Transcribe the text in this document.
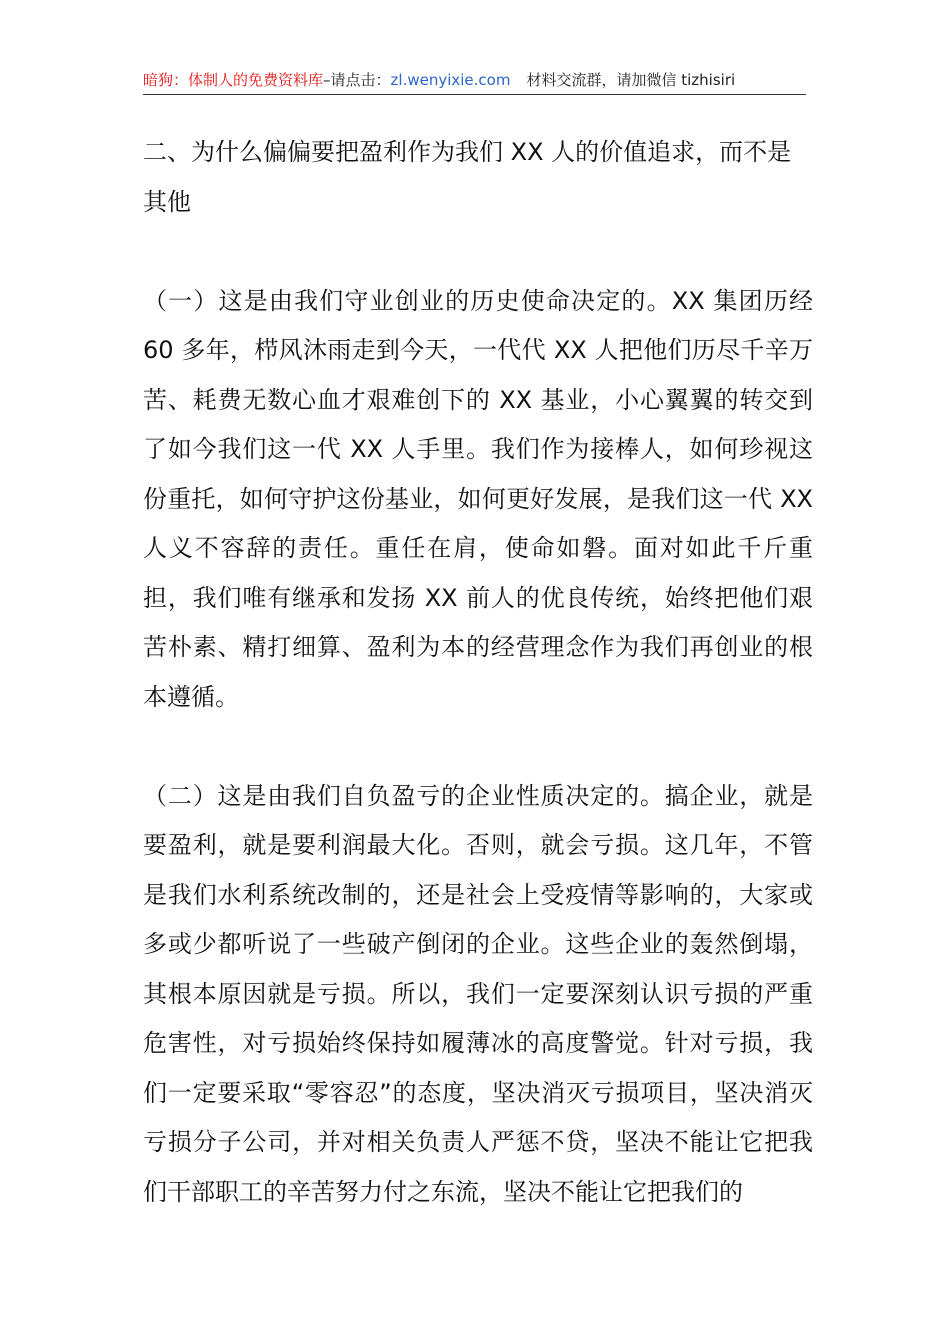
暗狗：体制人的免费资料库 –请点击： zl.wenyixie.com 材料交流群，请加微信 tizhisiri

二、为什么偏偏要把盈利作为我们 XX 人的价值追求，而不是其他

（一）这是由我们守业创业的历史使命决定的。XX 集团历经 60 多年，栉风沐雨走到今天，一代代 XX 人把他们历尽千辛万苦、耗费无数心血才艰难创下的 XX 基业，小心翼翼的转交到了如今我们这一代 XX 人手里。我们作为接棒人，如何珍视这份重托，如何守护这份基业，如何更好发展，是我们这一代 XX 人义不容辞的责任。重任在肩，使命如磐。面对如此千斤重担，我们唯有继承和发扬 XX 前人的优良传统，始终把他们艰苦朴素、精打细算、盈利为本的经营理念作为我们再创业的根本遵循。

（二）这是由我们自负盈亏的企业性质决定的。搞企业，就是要盈利，就是要利润最大化。否则，就会亏损。这几年，不管是我们水利系统改制的，还是社会上受疫情等影响的，大家或多或少都听说了一些破产倒闭的企业。这些企业的轰然倒塌，其根本原因就是亏损。所以，我们一定要深刻认识亏损的严重危害性，对亏损始终保持如履薄冰的高度警觉。针对亏损，我们一定要采取“零容忍”的态度，坚决消灭亏损项目，坚决消灭亏损分子公司，并对相关负责人严惩不贷，坚决不能让它把我们干部职工的辛苦努力付之东流，坚决不能让它把我们的
